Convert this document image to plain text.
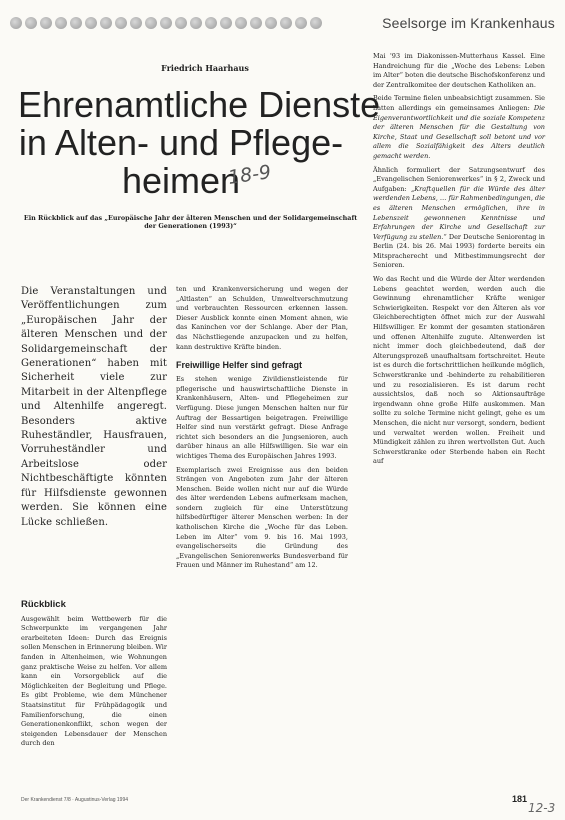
Seelsorge im Krankenhaus
Friedrich Haarhaus
Ehrenamtliche Dienste
in Alten- und Pflege-
heimen
18-9
Ein Rückblick auf das „Europäische Jahr der älteren Menschen und der Solidargemeinschaft der Generationen (1993)“

Die Veranstaltungen und Veröffentlichungen zum „Europäischen Jahr der älteren Menschen und der Solidargemeinschaft der Generationen“ haben mit Sicherheit viele zur Mitarbeit in der Altenpflege und Altenhilfe angeregt. Besonders aktive Ruheständler, Hausfrauen, Vorruheständler und Arbeitslose oder Nichtbeschäftigte könnten für Hilfsdienste gewonnen werden. Sie können eine Lücke schließen.

Rückblick

Ausgewählt beim Wettbewerb für die Schwerpunkte im vergangenen Jahr erarbeiteten Ideen: Durch das Ereignis sollen Menschen in Erinnerung bleiben. Wir fanden in Altenheimen, wie Wohnungen ganz praktische Weise zu helfen. Vor allem kann ein Vorsorgeblick auf die Möglichkeiten der Begleitung und Pflege. Es gibt Probleme, wie dem Münchener Staatsinstitut für Frühpädagogik und Familienforschung, die einen Generationenkonflikt, schon wegen der steigenden Lebensdauer der Menschen durch den

ten und Krankenversicherung und wegen der „Altlasten“ an Schulden, Umweltverschmutzung und verbrauchten Ressourcen erkennen lassen. Dieser Ausblick konnte einen Moment ahnen, wie das Kaninchen vor der Schlange. Aber der Plan, das Nächstliegende anzupacken und zu helfen, kann destruktive Kräfte binden.

Freiwillige Helfer sind gefragt

Es stehen wenige Zivildienstleistende für pflegerische und hauswirtschaftliche Dienste in Krankenhäusern, Alten- und Pflegeheimen zur Verfügung. Diese jungen Menschen halten nur für Auftrag der Bessartigen beigetragen. Freiwillige Helfer sind nun verstärkt gefragt. Diese Anfrage richtet sich besonders an die Jungsenioren, auch darüber hinaus an alle Hilfswilligen. Sie war ein wichtiges Thema des Europäischen Jahres 1993.

Exemplarisch zwei Ereignisse aus den beiden Strängen von Angeboten zum Jahr der älteren Menschen. Beide wollen nicht nur auf die Würde des älter werdenden Lebens aufmerksam machen, sondern zugleich für eine Unterstützung hilfsbedürftiger älterer Menschen werben: In der katholischen Kirche die „Woche für das Leben. Leben im Alter“ vom 9. bis 16. Mai 1993, evangelischerseits die Gründung des „Evangelischen Seniorenwerks Bundesverband für Frauen und Männer im Ruhestand“ am 12.

Mai '93 im Diakonissen-Mutterhaus Kassel. Eine Handreichung für die „Woche des Lebens: Leben im Alter“ boten die deutsche Bischofskonferenz und der Zentralkomitee der deutschen Katholiken an.

Beide Termine fielen unbeabsichtigt zusammen. Sie hatten allerdings ein gemeinsames Anliegen: Die Eigenverantwortlichkeit und die soziale Kompetenz der älteren Menschen für die Gestaltung von Kirche, Staat und Gesellschaft soll betont und vor allem die Sozialfähigkeit des Alters deutlich gemacht werden.

Ähnlich formuliert der Satzungsentwurf des „Evangelischen Seniorenwerkes“ in § 2, Zweck und Aufgaben: „Kraftquellen für die Würde des älter werdenden Lebens, … für Rahmenbedingungen, die es älteren Menschen ermöglichen, ihre in Lebenszeit gewonnenen Kenntnisse und Erfahrungen der Kirche und Gesellschaft zur Verfügung zu stellen.“ Der Deutsche Seniorentag in Berlin (24. bis 26. Mai 1993) forderte bereits ein Mitspracherecht und Mitbestimmungsrecht der Senioren.

Wo das Recht und die Würde der Älter werdenden Lebens geachtet werden, werden auch die Gewinnung ehrenamtlicher Kräfte weniger Schwierigkeiten. Respekt vor den Älteren als vor Gleichberechtigten öffnet mich zur der Auswahl Hilfswilliger. Er kommt der gesamten stationären und offenen Altenhilfe zugute. Altenwerden ist nicht immer doch gleichbedeutend, daß der Alterungsprozeß unaufhaltsam fortschreitet. Heute ist es durch die fortschrittlichen heilkunde möglich, Schwerstkranke und -behinderte zu rehabilitieren und zu resozialisieren. Es ist darum recht aussichtslos, daß noch so Aktionsaufträge irgendwann ohne große Hilfe auskommen. Man sollte zu solche Termine nicht gelingt, gehe es um Menschen, die nicht nur versorgt, sondern, bedient und verwaltet werden wollen. Freiheit und Mündigkeit zählen zu ihren wertvollsten Gut. Auch Schwerstkranke oder Sterbende haben ein Recht auf

Der Krankendienst 7/8 · Augustinus-Verlag 1994	181
12-3
